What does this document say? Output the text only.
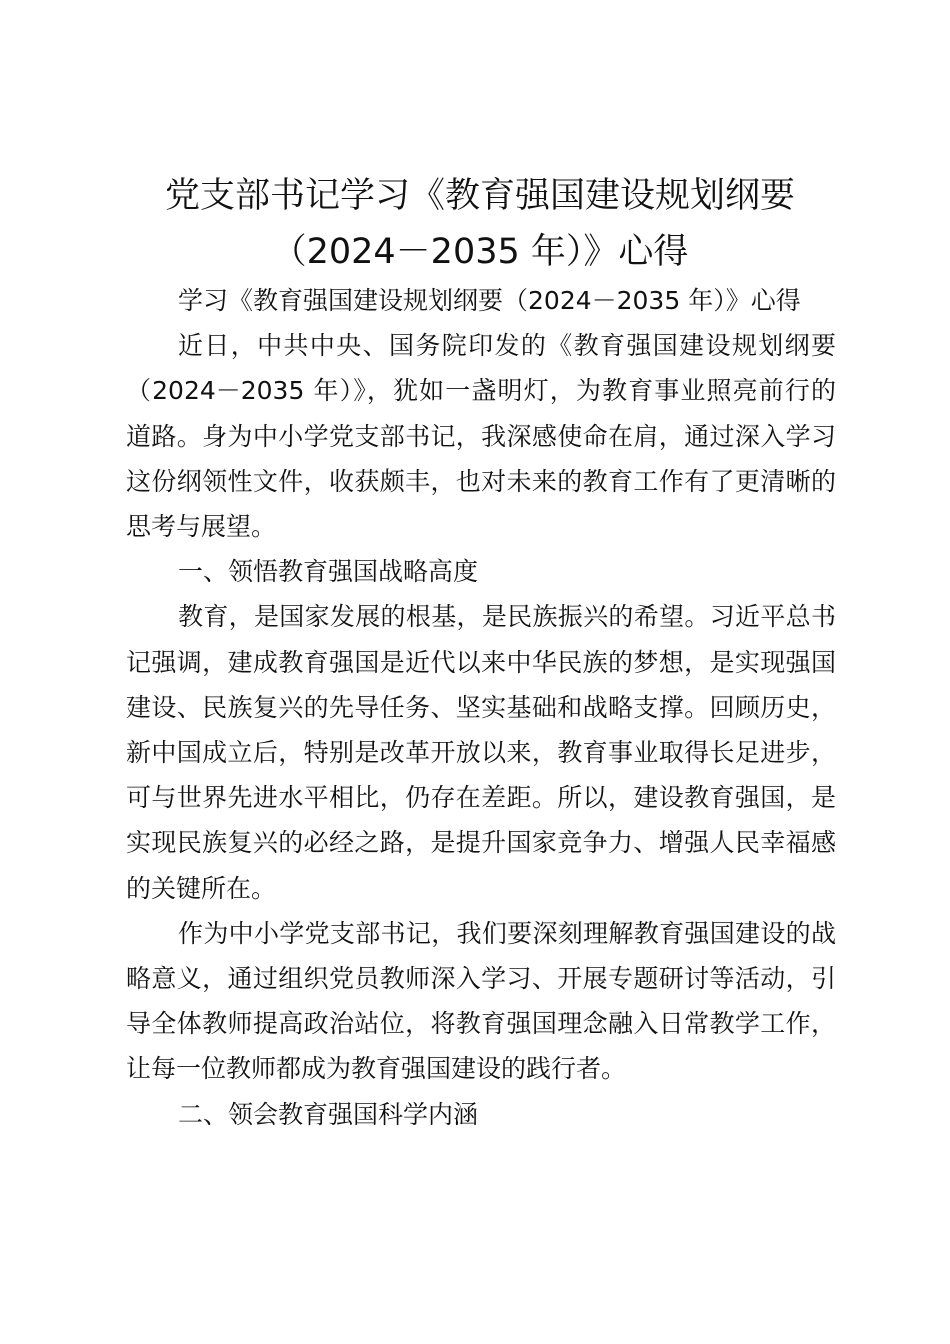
党支部书记学习《教育强国建设规划纲要
（2024－2035 年）》心得

学习《教育强国建设规划纲要（2024－2035 年）》心得

近日，中共中央、国务院印发的《教育强国建设规划纲要（2024－2035 年）》，犹如一盏明灯，为教育事业照亮前行的道路。身为中小学党支部书记，我深感使命在肩，通过深入学习这份纲领性文件，收获颇丰，也对未来的教育工作有了更清晰的思考与展望。

一、领悟教育强国战略高度

教育，是国家发展的根基，是民族振兴的希望。习近平总书记强调，建成教育强国是近代以来中华民族的梦想，是实现强国建设、民族复兴的先导任务、坚实基础和战略支撑。回顾历史，新中国成立后，特别是改革开放以来，教育事业取得长足进步，可与世界先进水平相比，仍存在差距。所以，建设教育强国，是实现民族复兴的必经之路，是提升国家竞争力、增强人民幸福感的关键所在。

作为中小学党支部书记，我们要深刻理解教育强国建设的战略意义，通过组织党员教师深入学习、开展专题研讨等活动，引导全体教师提高政治站位，将教育强国理念融入日常教学工作，让每一位教师都成为教育强国建设的践行者。

二、领会教育强国科学内涵
